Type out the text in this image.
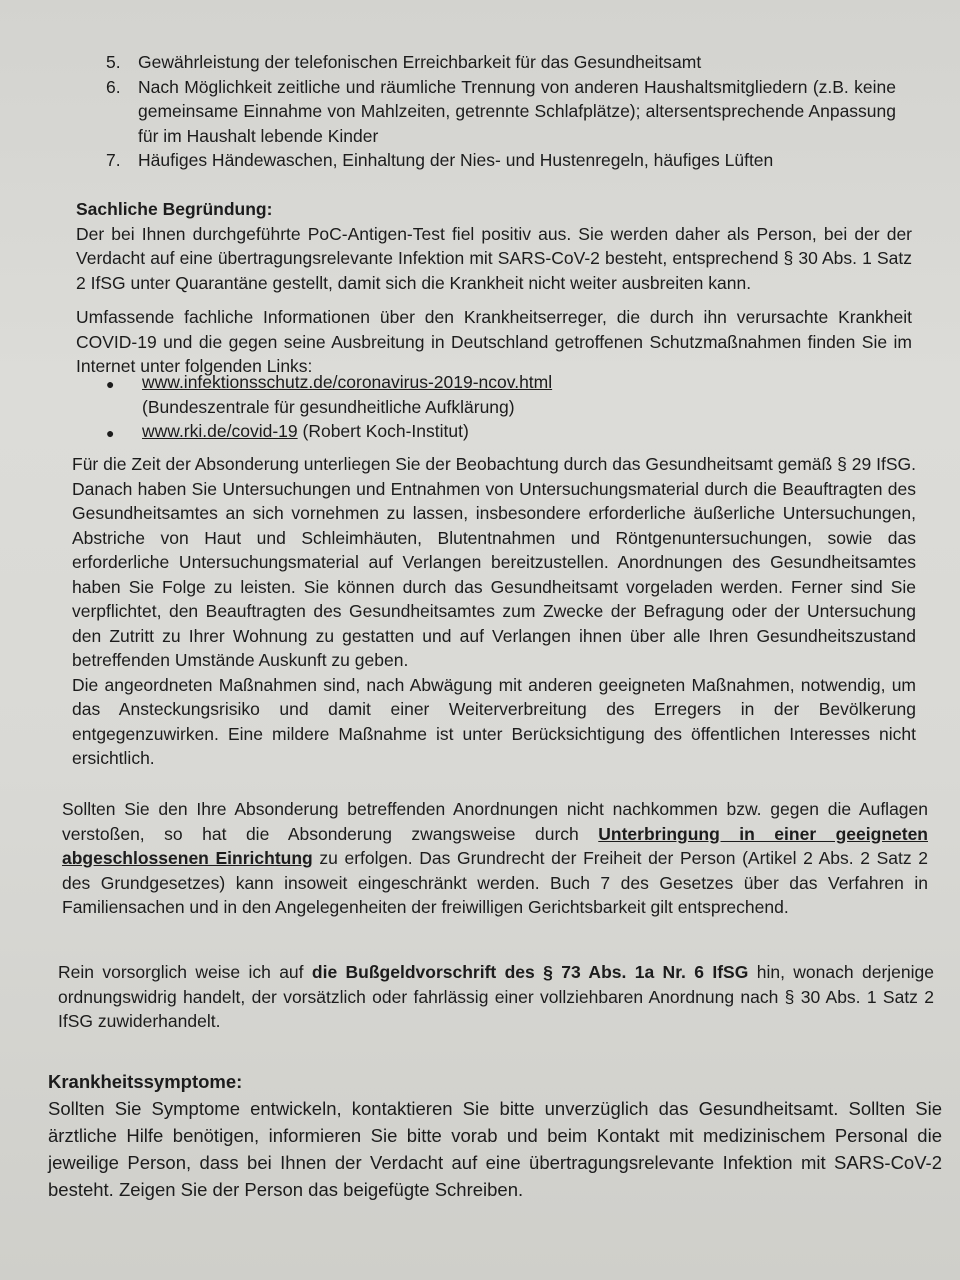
5. Gewährleistung der telefonischen Erreichbarkeit für das Gesundheitsamt
6. Nach Möglichkeit zeitliche und räumliche Trennung von anderen Haushaltsmitgliedern (z.B. keine gemeinsame Einnahme von Mahlzeiten, getrennte Schlafplätze); altersentsprechende Anpassung für im Haushalt lebende Kinder
7. Häufiges Händewaschen, Einhaltung der Nies- und Hustenregeln, häufiges Lüften
Sachliche Begründung:

Der bei Ihnen durchgeführte PoC-Antigen-Test fiel positiv aus. Sie werden daher als Person, bei der der Verdacht auf eine übertragungsrelevante Infektion mit SARS-CoV-2 besteht, entsprechend § 30 Abs. 1 Satz 2 IfSG unter Quarantäne gestellt, damit sich die Krankheit nicht weiter ausbreiten kann.

Umfassende fachliche Informationen über den Krankheitserreger, die durch ihn verursachte Krankheit COVID-19 und die gegen seine Ausbreitung in Deutschland getroffenen Schutzmaßnahmen finden Sie im Internet unter folgenden Links:

●	www.infektionsschutz.de/coronavirus-2019-ncov.html
(Bundeszentrale für gesundheitliche Aufklärung)
●	www.rki.de/covid-19 (Robert Koch-Institut)

Für die Zeit der Absonderung unterliegen Sie der Beobachtung durch das Gesundheitsamt gemäß § 29 IfSG. Danach haben Sie Untersuchungen und Entnahmen von Untersuchungsmaterial durch die Beauftragten des Gesundheitsamtes an sich vornehmen zu lassen, insbesondere erforderliche äußerliche Untersuchungen, Abstriche von Haut und Schleimhäuten, Blutentnahmen und Röntgenuntersuchungen, sowie das erforderliche Untersuchungsmaterial auf Verlangen bereitzustellen. Anordnungen des Gesundheitsamtes haben Sie Folge zu leisten. Sie können durch das Gesundheitsamt vorgeladen werden. Ferner sind Sie verpflichtet, den Beauftragten des Gesundheitsamtes zum Zwecke der Befragung oder der Untersuchung den Zutritt zu Ihrer Wohnung zu gestatten und auf Verlangen ihnen über alle Ihren Gesundheitszustand betreffenden Umstände Auskunft zu geben.

Die angeordneten Maßnahmen sind, nach Abwägung mit anderen geeigneten Maßnahmen, notwendig, um das Ansteckungsrisiko und damit einer Weiterverbreitung des Erregers in der Bevölkerung entgegenzuwirken. Eine mildere Maßnahme ist unter Berücksichtigung des öffentlichen Interesses nicht ersichtlich.

Sollten Sie den Ihre Absonderung betreffenden Anordnungen nicht nachkommen bzw. gegen die Auflagen verstoßen, so hat die Absonderung zwangsweise durch Unterbringung in einer geeigneten abgeschlossenen Einrichtung zu erfolgen. Das Grundrecht der Freiheit der Person (Artikel 2 Abs. 2 Satz 2 des Grundgesetzes) kann insoweit eingeschränkt werden. Buch 7 des Gesetzes über das Verfahren in Familiensachen und in den Angelegenheiten der freiwilligen Gerichtsbarkeit gilt entsprechend.

Rein vorsorglich weise ich auf die Bußgeldvorschrift des § 73 Abs. 1a Nr. 6 IfSG hin, wonach derjenige ordnungswidrig handelt, der vorsätzlich oder fahrlässig einer vollziehbaren Anordnung nach § 30 Abs. 1 Satz 2 IfSG zuwiderhandelt.

Krankheitssymptome:

Sollten Sie Symptome entwickeln, kontaktieren Sie bitte unverzüglich das Gesundheitsamt. Sollten Sie ärztliche Hilfe benötigen, informieren Sie bitte vorab und beim Kontakt mit medizinischem Personal die jeweilige Person, dass bei Ihnen der Verdacht auf eine übertragungsrelevante Infektion mit SARS-CoV-2 besteht. Zeigen Sie der Person das beigefügte Schreiben.
